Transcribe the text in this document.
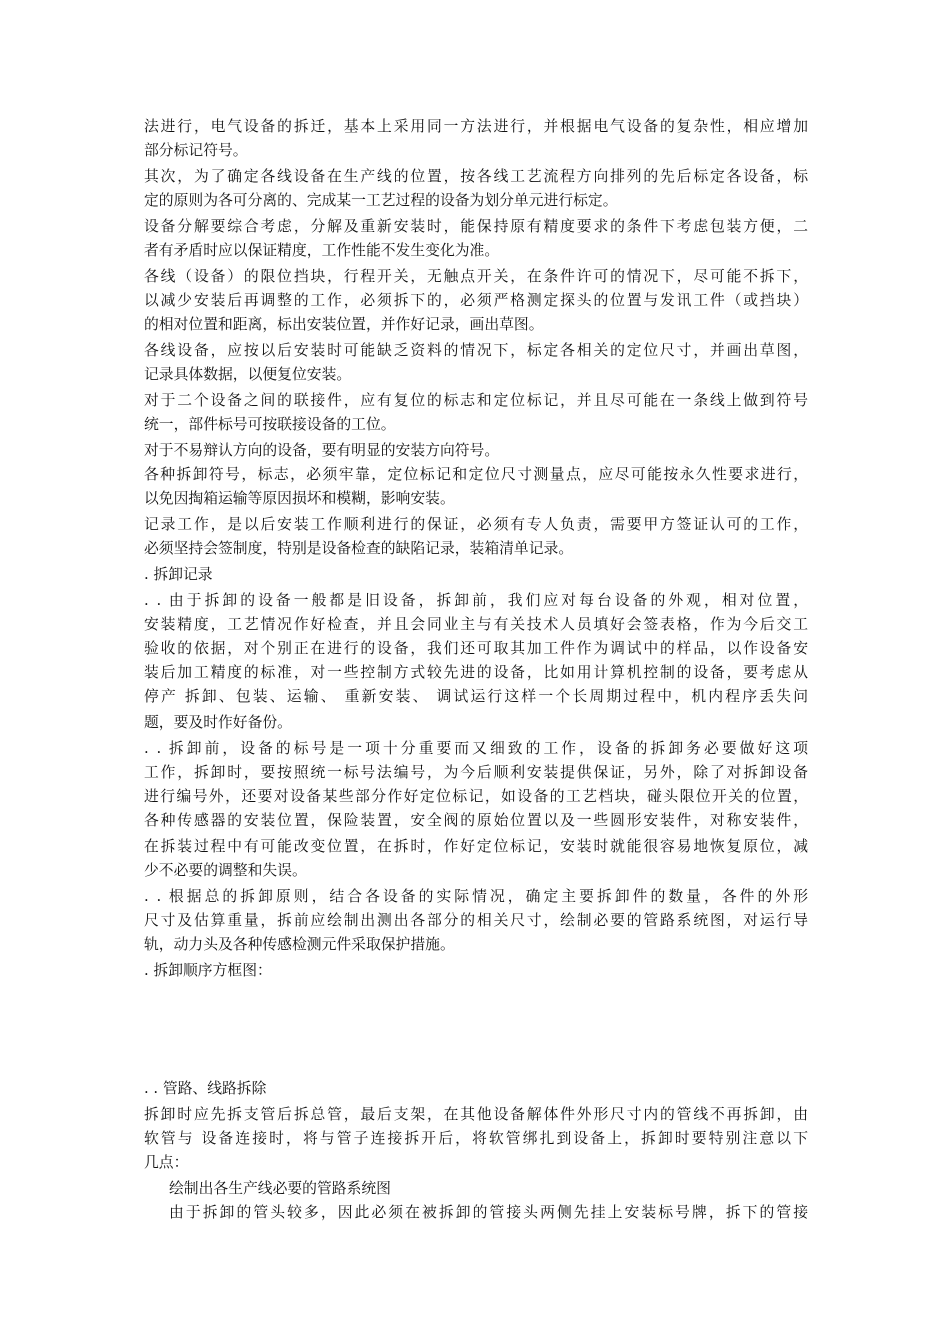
法进行，电气设备的拆迁，基本上采用同一方法进行，并根据电气设备的复杂性，相应增加
部分标记符号。
其次，为了确定各线设备在生产线的位置，按各线工艺流程方向排列的先后标定各设备，标
定的原则为各可分离的、完成某一工艺过程的设备为划分单元进行标定。
设备分解要综合考虑，分解及重新安装时，能保持原有精度要求的条件下考虑包装方便，二
者有矛盾时应以保证精度，工作性能不发生变化为准。
各线（设备）的限位挡块，行程开关，无触点开关，在条件许可的情况下，尽可能不拆下，
以减少安装后再调整的工作，必须拆下的，必须严格测定探头的位置与发讯工件（或挡块）
的相对位置和距离，标出安装位置，并作好记录，画出草图。
各线设备，应按以后安装时可能缺乏资料的情况下，标定各相关的定位尺寸，并画出草图，
记录具体数据，以便复位安装。
对于二个设备之间的联接件，应有复位的标志和定位标记，并且尽可能在一条线上做到符号
统一，部件标号可按联接设备的工位。
对于不易辩认方向的设备，要有明显的安装方向符号。
各种拆卸符号，标志，必须牢靠，定位标记和定位尺寸测量点，应尽可能按永久性要求进行，
以免因掏箱运输等原因损坏和模糊，影响安装。
记录工作，是以后安装工作顺利进行的保证，必须有专人负责，需要甲方签证认可的工作，
必须坚持会签制度，特别是设备检查的缺陷记录，装箱清单记录。
. 拆卸记录
. . 由于拆卸的设备一般都是旧设备，拆卸前，我们应对每台设备的外观，相对位置，
安装精度，工艺情况作好检查，并且会同业主与有关技术人员填好会签表格，作为今后交工
验收的依据，对个别正在进行的设备，我们还可取其加工件作为调试中的样品，以作设备安
装后加工精度的标准，对一些控制方式较先进的设备，比如用计算机控制的设备，要考虑从
停产 拆卸、包装、运输、 重新安装、 调试运行这样一个长周期过程中，机内程序丢失问
题，要及时作好备份。
. . 拆卸前，设备的标号是一项十分重要而又细致的工作，设备的拆卸务必要做好这项
工作，拆卸时，要按照统一标号法编号，为今后顺利安装提供保证，另外，除了对拆卸设备
进行编号外，还要对设备某些部分作好定位标记，如设备的工艺档块，碰头限位开关的位置，
各种传感器的安装位置，保险装置，安全阀的原始位置以及一些圆形安装件，对称安装件，
在拆装过程中有可能改变位置，在拆时，作好定位标记，安装时就能很容易地恢复原位，减
少不必要的调整和失误。
. . 根据总的拆卸原则，结合各设备的实际情况，确定主要拆卸件的数量，各件的外形
尺寸及估算重量，拆前应绘制出测出各部分的相关尺寸，绘制必要的管路系统图，对运行导
轨，动力头及各种传感检测元件采取保护措施。
. 拆卸顺序方框图：
. . 管路、线路拆除
拆卸时应先拆支管后拆总管，最后支架，在其他设备解体件外形尺寸内的管线不再拆卸，由
软管与 设备连接时，将与管子连接拆开后，将软管绑扎到设备上，拆卸时要特别注意以下
几点：
绘制出各生产线必要的管路系统图
由于拆卸的管头较多，因此必须在被拆卸的管接头两侧先挂上安装标号牌，拆下的管接
